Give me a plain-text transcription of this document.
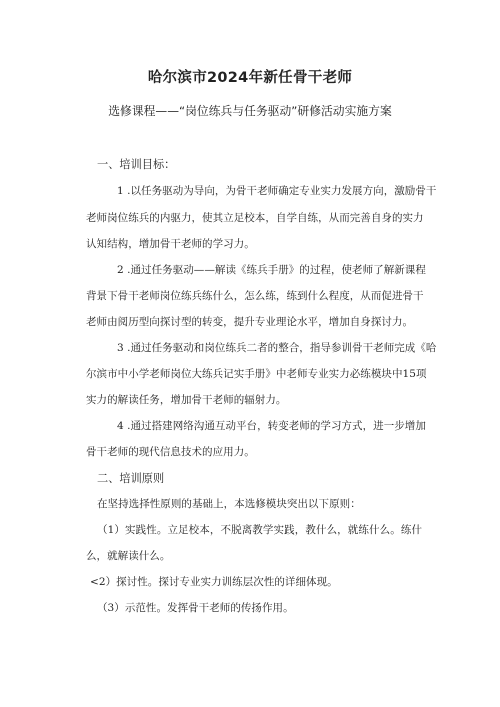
哈尔滨市2024年新任骨干老师
选修课程——“岗位练兵与任务驱动”研修活动实施方案
一、培训目标：
1 .以任务驱动为导向，为骨干老师确定专业实力发展方向，激励骨干
老师岗位练兵的内驱力，使其立足校本，自学自练，从而完善自身的实力
认知结构，增加骨干老师的学习力。
2 .通过任务驱动——解读《练兵手册》的过程，使老师了解新课程
背景下骨干老师岗位练兵练什么，怎么练，练到什么程度，从而促进骨干
老师由阅历型向探讨型的转变，提升专业理论水平，增加自身探讨力。
3 .通过任务驱动和岗位练兵二者的整合，指导参训骨干老师完成《哈
尔滨市中小学老师岗位大练兵记实手册》中老师专业实力必练模块中15项
实力的解读任务，增加骨干老师的辐射力。
4 .通过搭建网络沟通互动平台，转变老师的学习方式，进一步增加
骨干老师的现代信息技术的应用力。
二、培训原则
在坚持选择性原则的基础上，本选修模块突出以下原则：
（1）实践性。立足校本，不脱离教学实践，教什么，就练什么。练什
么，就解读什么。
<2）探讨性。探讨专业实力训练层次性的详细体现。
（3）示范性。发挥骨干老师的传扬作用。
